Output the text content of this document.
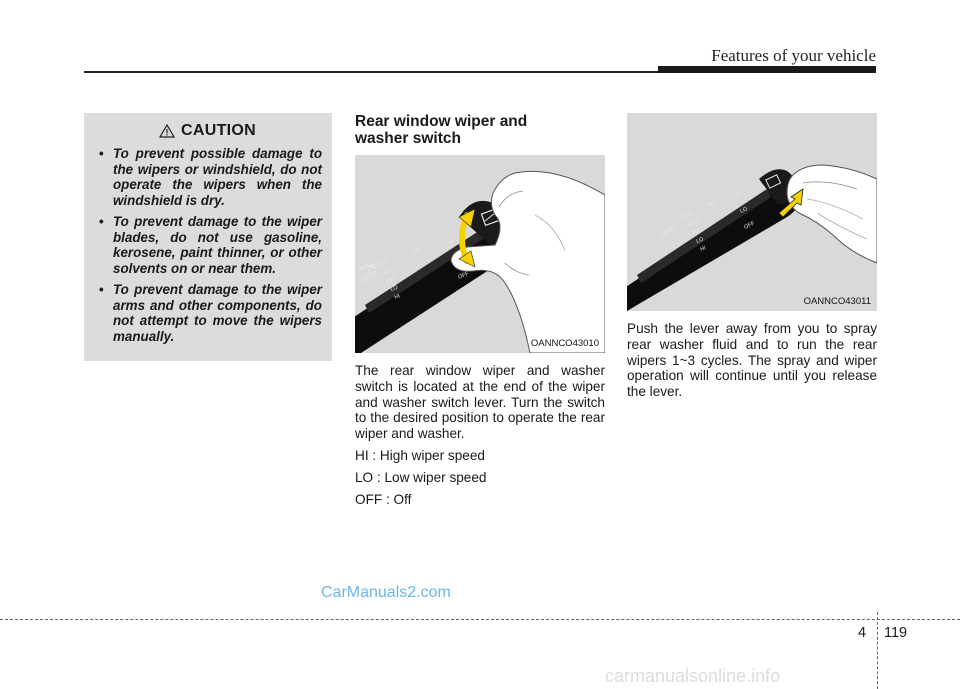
Features of your vehicle
CAUTION
• To prevent possible damage to the wipers or windshield, do not operate the wipers when the windshield is dry.
• To prevent damage to the wiper blades, do not use gasoline, kerosene, paint thinner, or other solvents on or near them.
• To prevent damage to the wiper arms and other components, do not attempt to move the wipers manually.
Rear window wiper and
washer switch
MIST
OFF
INT
LO
HI
FRONT
INT
HI
OFF
OANNCO43010

The rear window wiper and washer switch is located at the end of the wiper and washer switch lever. Turn the switch to the desired position to operate the rear wiper and washer.

HI : High wiper speed

LO : Low wiper speed

OFF : Off

MIST
OFF
INT
LO
HI
FRONT
INT
HI
LO
OFF
OANNCO43011

Push the lever away from you to spray rear washer fluid and to run the rear wipers 1~3 cycles. The spray and wiper operation will continue until you release the lever.

4 119
CarManuals2.com
carmanualsonline.info
